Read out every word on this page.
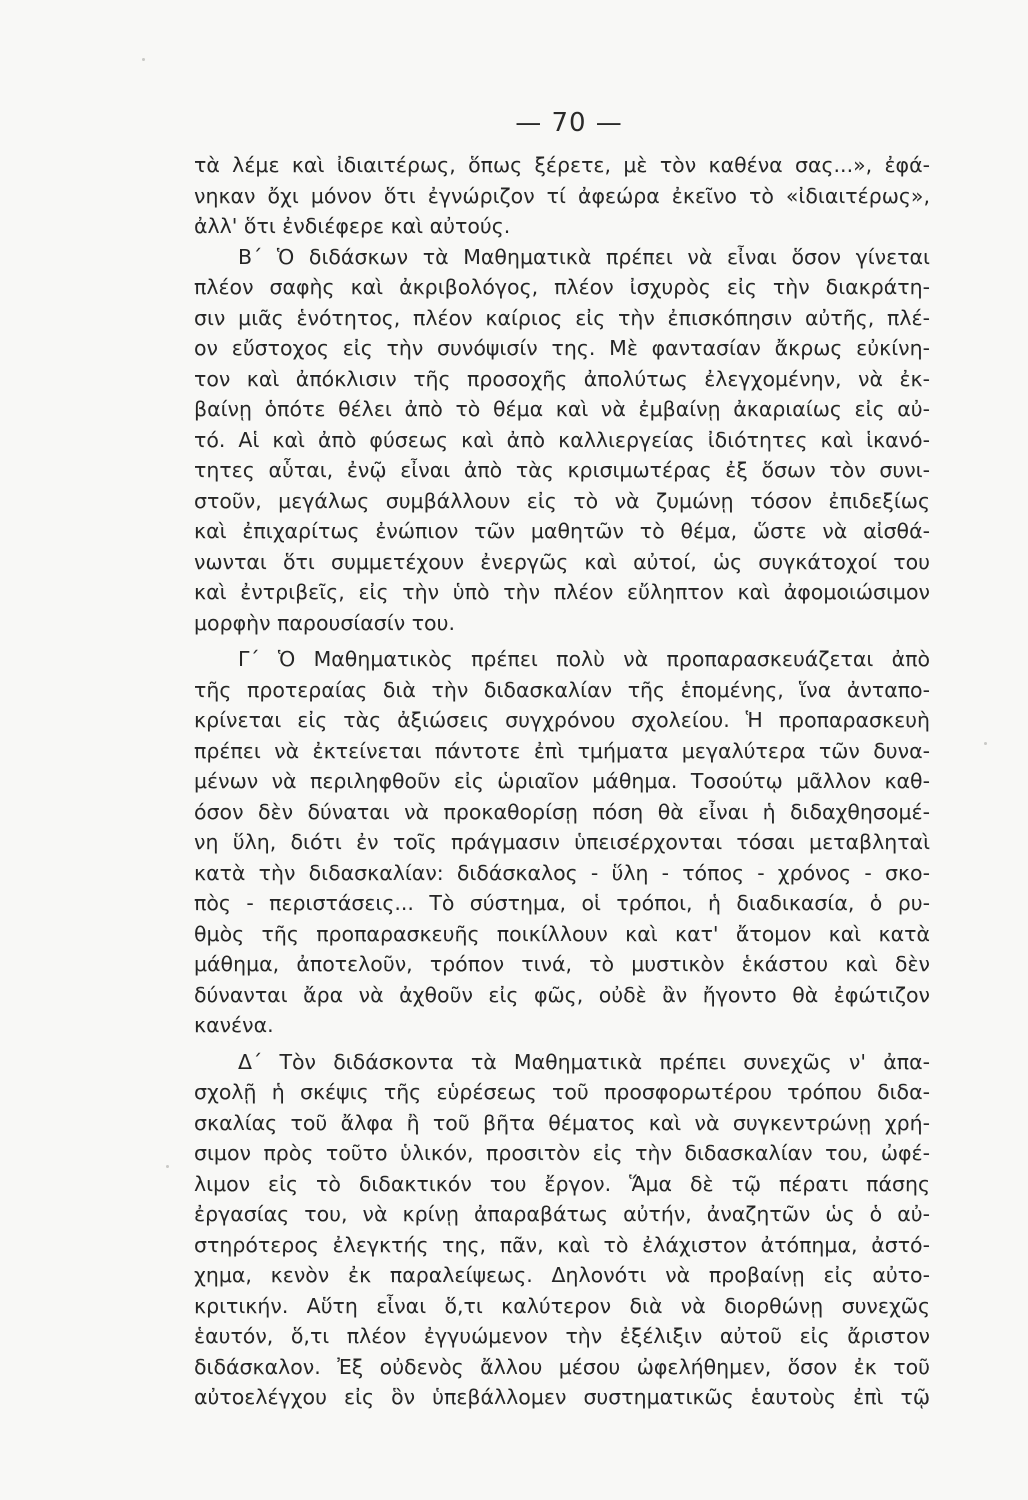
— 70 —
τὰ λέμε καὶ ἰδιαιτέρως, ὅπως ξέρετε, μὲ τὸν καθένα σας...», ἐφά-
νηκαν ὄχι μόνον ὅτι ἐγνώριζον τί ἀφεώρα ἐκεῖνο τὸ «ἰδιαιτέρως»,
ἀλλ' ὅτι ἐνδιέφερε καὶ αὐτούς.
Β΄ Ὁ διδάσκων τὰ Μαθηματικὰ πρέπει νὰ εἶναι ὅσον γίνεται
πλέον σαφὴς καὶ ἀκριβολόγος, πλέον ἰσχυρὸς εἰς τὴν διακράτη-
σιν μιᾶς ἑνότητος, πλέον καίριος εἰς τὴν ἐπισκόπησιν αὐτῆς, πλέ-
ον εὔστοχος εἰς τὴν συνόψισίν της. Μὲ φαντασίαν ἄκρως εὐκίνη-
τον καὶ ἀπόκλισιν τῆς προσοχῆς ἀπολύτως ἐλεγχομένην, νὰ ἐκ-
βαίνῃ ὁπότε θέλει ἀπὸ τὸ θέμα καὶ νὰ ἐμβαίνῃ ἀκαριαίως εἰς αὐ-
τό. Αἱ καὶ ἀπὸ φύσεως καὶ ἀπὸ καλλιεργείας ἰδιότητες καὶ ἱκανό-
τητες αὗται, ἐνῷ εἶναι ἀπὸ τὰς κρισιμωτέρας ἐξ ὅσων τὸν συνι-
στοῦν, μεγάλως συμβάλλουν εἰς τὸ νὰ ζυμώνῃ τόσον ἐπιδεξίως
καὶ ἐπιχαρίτως ἐνώπιον τῶν μαθητῶν τὸ θέμα, ὥστε νὰ αἰσθά-
νωνται ὅτι συμμετέχουν ἐνεργῶς καὶ αὐτοί, ὡς συγκάτοχοί του
καὶ ἐντριβεῖς, εἰς τὴν ὑπὸ τὴν πλέον εὔληπτον καὶ ἀφομοιώσιμον
μορφὴν παρουσίασίν του.
Γ΄ Ὁ Μαθηματικὸς πρέπει πολὺ νὰ προπαρασκευάζεται ἀπὸ
τῆς προτεραίας διὰ τὴν διδασκαλίαν τῆς ἑπομένης, ἵνα ἀνταπο-
κρίνεται εἰς τὰς ἀξιώσεις συγχρόνου σχολείου. Ἡ προπαρασκευὴ
πρέπει νὰ ἐκτείνεται πάντοτε ἐπὶ τμήματα μεγαλύτερα τῶν δυνα-
μένων νὰ περιληφθοῦν εἰς ὡριαῖον μάθημα. Τοσούτῳ μᾶλλον καθ-
όσον δὲν δύναται νὰ προκαθορίσῃ πόση θὰ εἶναι ἡ διδαχθησομέ-
νη ὕλη, διότι ἐν τοῖς πράγμασιν ὑπεισέρχονται τόσαι μεταβληταὶ
κατὰ τὴν διδασκαλίαν: διδάσκαλος - ὕλη - τόπος - χρόνος - σκο-
πὸς - περιστάσεις... Τὸ σύστημα, οἱ τρόποι, ἡ διαδικασία, ὁ ρυ-
θμὸς τῆς προπαρασκευῆς ποικίλλουν καὶ κατ' ἄτομον καὶ κατὰ
μάθημα, ἀποτελοῦν, τρόπον τινά, τὸ μυστικὸν ἑκάστου καὶ δὲν
δύνανται ἄρα νὰ ἀχθοῦν εἰς φῶς, οὐδὲ ἂν ἤγοντο θὰ ἐφώτιζον
κανένα.
Δ΄ Τὸν διδάσκοντα τὰ Μαθηματικὰ πρέπει συνεχῶς ν' ἀπα-
σχολῇ ἡ σκέψις τῆς εὑρέσεως τοῦ προσφορωτέρου τρόπου διδα-
σκαλίας τοῦ ἄλφα ἢ τοῦ βῆτα θέματος καὶ νὰ συγκεντρώνῃ χρή-
σιμον πρὸς τοῦτο ὑλικόν, προσιτὸν εἰς τὴν διδασκαλίαν του, ὠφέ-
λιμον εἰς τὸ διδακτικόν του ἔργον. Ἅμα δὲ τῷ πέρατι πάσης
ἐργασίας του, νὰ κρίνῃ ἀπαραβάτως αὐτήν, ἀναζητῶν ὡς ὁ αὐ-
στηρότερος ἐλεγκτής της, πᾶν, καὶ τὸ ἐλάχιστον ἀτόπημα, ἀστό-
χημα, κενὸν ἐκ παραλείψεως. Δηλονότι νὰ προβαίνῃ εἰς αὐτο-
κριτικήν. Αὕτη εἶναι ὅ,τι καλύτερον διὰ νὰ διορθώνῃ συνεχῶς
ἑαυτόν, ὅ,τι πλέον ἐγγυώμενον τὴν ἐξέλιξιν αὐτοῦ εἰς ἄριστον
διδάσκαλον. Ἐξ οὐδενὸς ἄλλου μέσου ὠφελήθημεν, ὅσον ἐκ τοῦ
αὐτοελέγχου εἰς ὃν ὑπεβάλλομεν συστηματικῶς ἑαυτοὺς ἐπὶ τῷ
